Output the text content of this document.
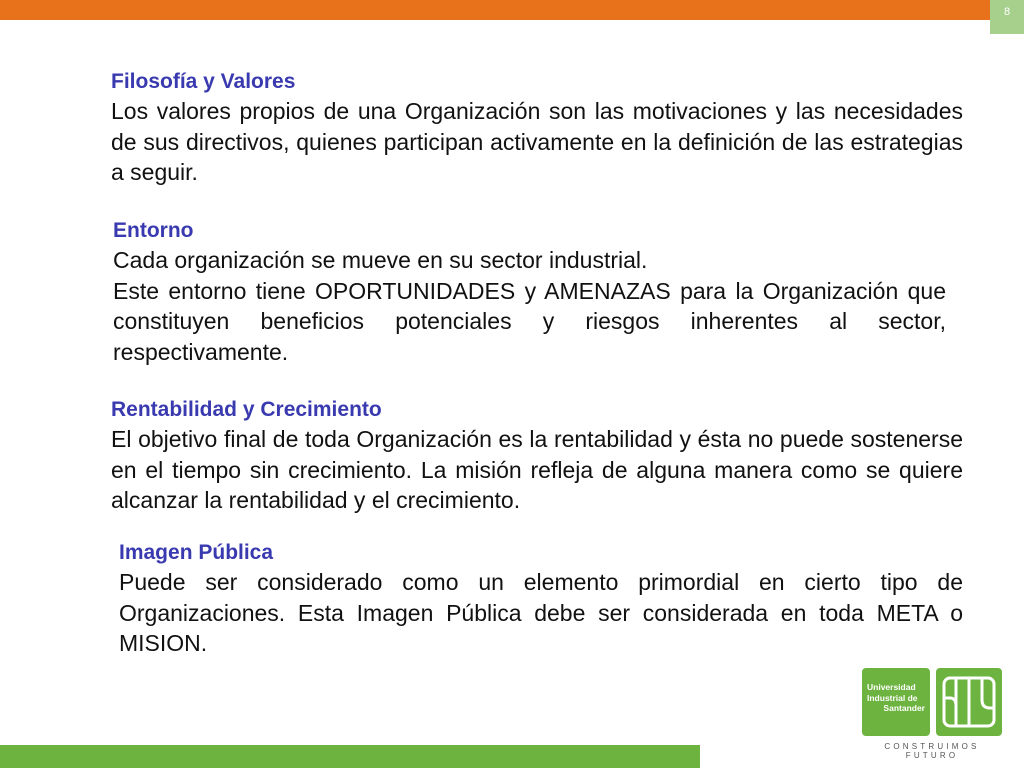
8
Filosofía y Valores
Los valores propios de una Organización son las motivaciones y las necesidades de sus directivos, quienes participan activamente en la definición de las estrategias a seguir.
Entorno
Cada organización se mueve en su sector industrial.
Este entorno tiene OPORTUNIDADES y AMENAZAS para la Organización que constituyen beneficios potenciales y riesgos inherentes al sector, respectivamente.
Rentabilidad y Crecimiento
El objetivo final de toda Organización es la rentabilidad y ésta no puede sostenerse en el tiempo sin crecimiento. La misión refleja de alguna manera como se quiere alcanzar la rentabilidad y el crecimiento.
Imagen Pública
Puede ser considerado como un elemento primordial en cierto tipo de Organizaciones. Esta Imagen Pública debe ser considerada en toda META o MISION.
Universidad
Industrial de
Santander
CONSTRUIMOS FUTURO
